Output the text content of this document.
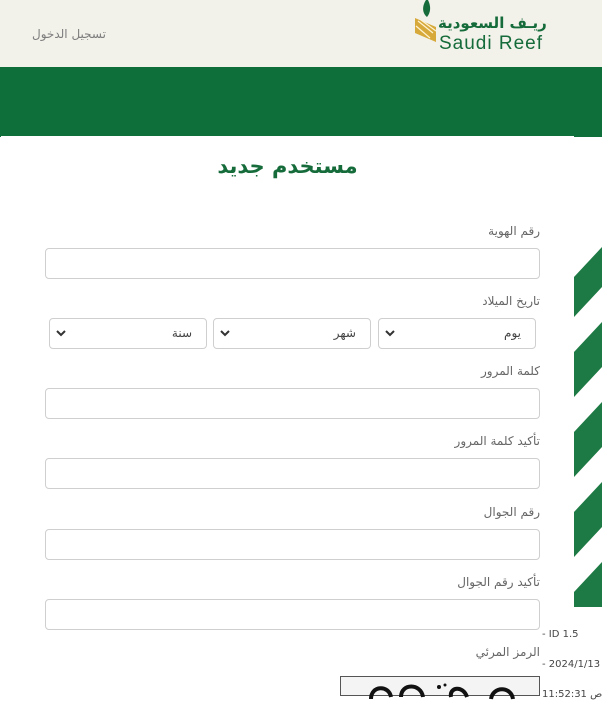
تسجيل الدخول
ريـف السعودية
Saudi Reef
مستخدم جديد
رقم الهوية
تاريخ الميلاد
سنة	شهر	يوم
كلمة المرور
تأكيد كلمة المرور
رقم الجوال
تأكيد رقم الجوال
الرمز المرئي
- ID 1.5
- 2024/1/13
11:52:31 ص
